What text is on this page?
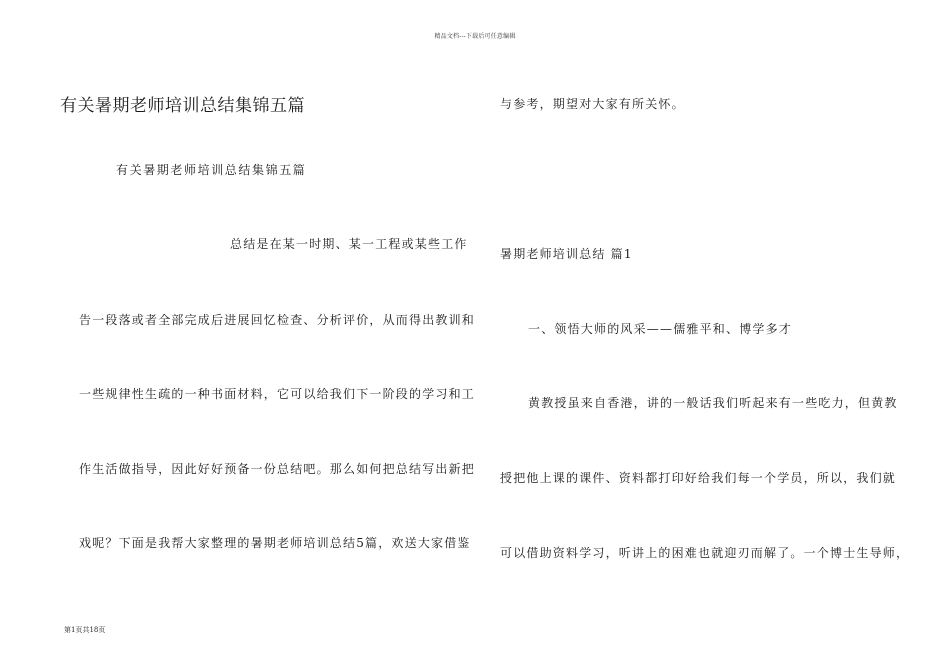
精品文档---下载后可任意编辑
有关暑期老师培训总结集锦五篇
有关暑期老师培训总结集锦五篇
总结是在某一时期、某一工程或某些工作
告一段落或者全部完成后进展回忆检查、分析评价，从而得出教训和
一些规律性生疏的一种书面材料，它可以给我们下一阶段的学习和工
作生活做指导，因此好好预备一份总结吧。那么如何把总结写出新把
戏呢？下面是我帮大家整理的暑期老师培训总结5篇，欢送大家借鉴
与参考，期望对大家有所关怀。
暑期老师培训总结 篇1
一、领悟大师的风采——儒雅平和、博学多才
黄教授虽来自香港，讲的一般话我们听起来有一些吃力，但黄教
授把他上课的课件、资料都打印好给我们每一个学员，所以，我们就
可以借助资料学习，听讲上的困难也就迎刃而解了。一个博士生导师，
第1页共18页
